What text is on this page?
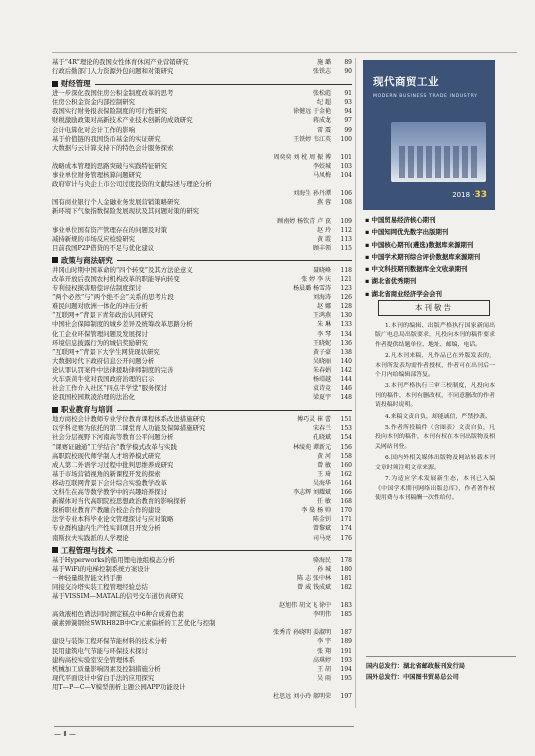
基于“4R”理论的我国女性体育休闲产业营销研究	施 璐	89
行政后勤部门人力资源外包问题和对策研究	张铁志	90
财经管理
进一步深化我国住房公积金制度改革的思考	张松彪	91
住房公积金资金内部控制研究	纪 超	93
我国实行财务报表保险制度的可行性研究	徐健远 于金艳	94
财税激励政策对高新技术产业技术创新的成效研究	蒋成龙	97
会计电算化对会计工作的影响	雷 震	99
基于价值链的我国货币基金的实证研究	王铁婷 韦江英	100
大数据与云计算支持下的特色会计服务探索
周奕奕 刘 枕 周 振 博	101
战略成本管理的思路突破与实践特征研究	李姣城	103
事业单位财务管理核算问题研究	马凤梅	104
政府审计与央企上市公司过度投资的文献综述与理论分析
刘海生 孙丹潭	106
国有商业银行个人金融业务发展营销策略研究	燕 蓉	108
新环境下气象指数保险发展现状及其问题对策的研究
顾南婷 杨钦青 卢 苠	109
事业单位国有资产管理存在的问题及对策	赵 玲	112
减持新规的市场反应检验研究	黄 霞	113
目前我国P2P借贷的不足与优化建议	顾丰领	115
政策与商法研究
井冈山时期中国革命的“四个转变”及其方法论意义	聂晓峰	118
改革开放后我国农村机构改革的职能导向转变	张 婷 李 庆	121
专利侵权损害赔偿评估制度探讨	杨晨璐 杨雪涛	123
“两个必然”与“两个绝不会”关系的思考片段	刘海涛	126
难民问题对欧洲一体化的冲击分析	赵 娜	128
“互联网+”背景下青年政治认同研究	王鸿燕	130
中国社会保障制度的城乡差异及统筹改革思路分析	朱 琳	133
化工企业环保管理问题及发展探讨	李 琴	134
环境信息披露行为的城信奖励研究	王晓妮	136
“互联网+”背景下大学生网贷现状研究	黄子豪	138
大数据时代下政府信息公开问题分析	吴晓丽	140
论认罪认罚案件中法律援助律师制度的完善	朱春娟	142
火车票黄牛党对我国政府治理的启示	杨靖越	144
社会工作介入社区“四点半学堂”服务探讨	袁诗竞	146
论我国校园欺凌治理的法治化	梁夏宇	148
职业教育与培训
地方商校会计教师专业学位教育课程体系改进措施研究	傅巧灵 崔 蕾	151
以学科竞赛为依托的第二课堂育人功能及保障措施研究	宋春兰	153
社会分层视野下河南高等教育公平问题分析	孔晓斌	154
“课赛证融通”工学结合“教学模式改革与实践	林绫苑 谭新元	156
高职院校现代师学制人才培养模式研究	黄 河	158
成人第二外语学习过程中批判思维养成研究	曾 敏	160
基于市场营销视角的新课程开发的探索	王 琦	162
移动互联网背景下会计综合实验教学改革	吴海华	164
文科生在高等数学教学中的兴趣培养探讨	李志辉 刘耀斌	166
新媒体对当代高职院校思想政治教育的影响探析	任 敏	168
探析职业教育产教融合校企合作的建设	李 燊 杨 帅	170
法学专业本科毕业论文管理探讨与应对策略	陈金钊	171
专业群构建内生产性实训项目开发分析	曾黎斌	174
南斯拉夫实践派的人学理论	司马亮	176
工程管理与技术
基于Hyperworks的船用锂电池组模态分析	骆海民	178
基于WiFi的电梯控制系统方案设计	孙 城	180
一种轻量级智能文档手册	陈 志 张中林	181
同接交冷塔实装工程管理经验总结	曾 威 钱成斌	182
基于VISSIM—MATAL的信号交车道仿真研究
赵旭伟 胡文飞 徐中	183
高效液相色谱法同时测定糕点中6种合成着色素	李明伟	185
碳素弹簧钢丝SWRH82B中Cr元素偏析的工艺优化与控制
张秀青 孙晓明 姜淑明	187
建设与装饰工程环保节能材料的技术分析	李 宇	189
民用建筑电气节能与环保技术探讨	张 翔	191
建构高校实验室安全管理体系	高琪婷	193
机械加工质量影响因素及控制措施分析	王 胡	194
现代平面设计中留白手法的应用探究	吴 雨	195
用T—P—C—V模型剖析主题公园APP功能设计
杜思远 刘小玲 郝明荣	197
现代商贸工业
MODERN BUSINESS TRADE INDUSTRY
2018 ·33
▪ 中国贸易经济核心期刊
▪ 中国知网优先数字出版期刊
▪ 中国核心期刊(遴选)数据库来源期刊
▪ 中国学术期刊综合评价数据库来源期刊
▪ 中文科技期刊数据库全文收录期刊
▪ 湖北省优秀期刊
▪ 湖北省商业经济学会会刊
本刊敬告

1.本刊的编辑、出版严格执行国家新闻出版广电总局出版要求，凡投向本刊的稿件要求作者提供结题单位、地址、邮编、电话。

2.凡本刊来稿，凡作品已在外版发表的，本刊所发表均需作者授权，作者可在出刊后一个月内给编辑部答复。

3.本刊严格执行三审三校制度，凡投向本刊的稿件，本刊有删改权，不同意删改的作者请投稿时说明。

4.来稿文责自负，却能诚信，严禁抄袭。

5.作者所投稿件（含图表）文责自负，凡投向本刊的稿件，本刊有权在本刊出版物及相关网站刊登。

6.国内外相关媒体出版物及网站转载本刊文章时须注明文章来源。

7.为适应学术发展新生态，本刊已入编《中国学术期刊网络出版总库》，作者著作权使用费与本刊稿酬一次性给付。

国内总发行：湖北省邮政报刊发行局
国外总发行：中国图书贸易总公司
— Ⅱ —
